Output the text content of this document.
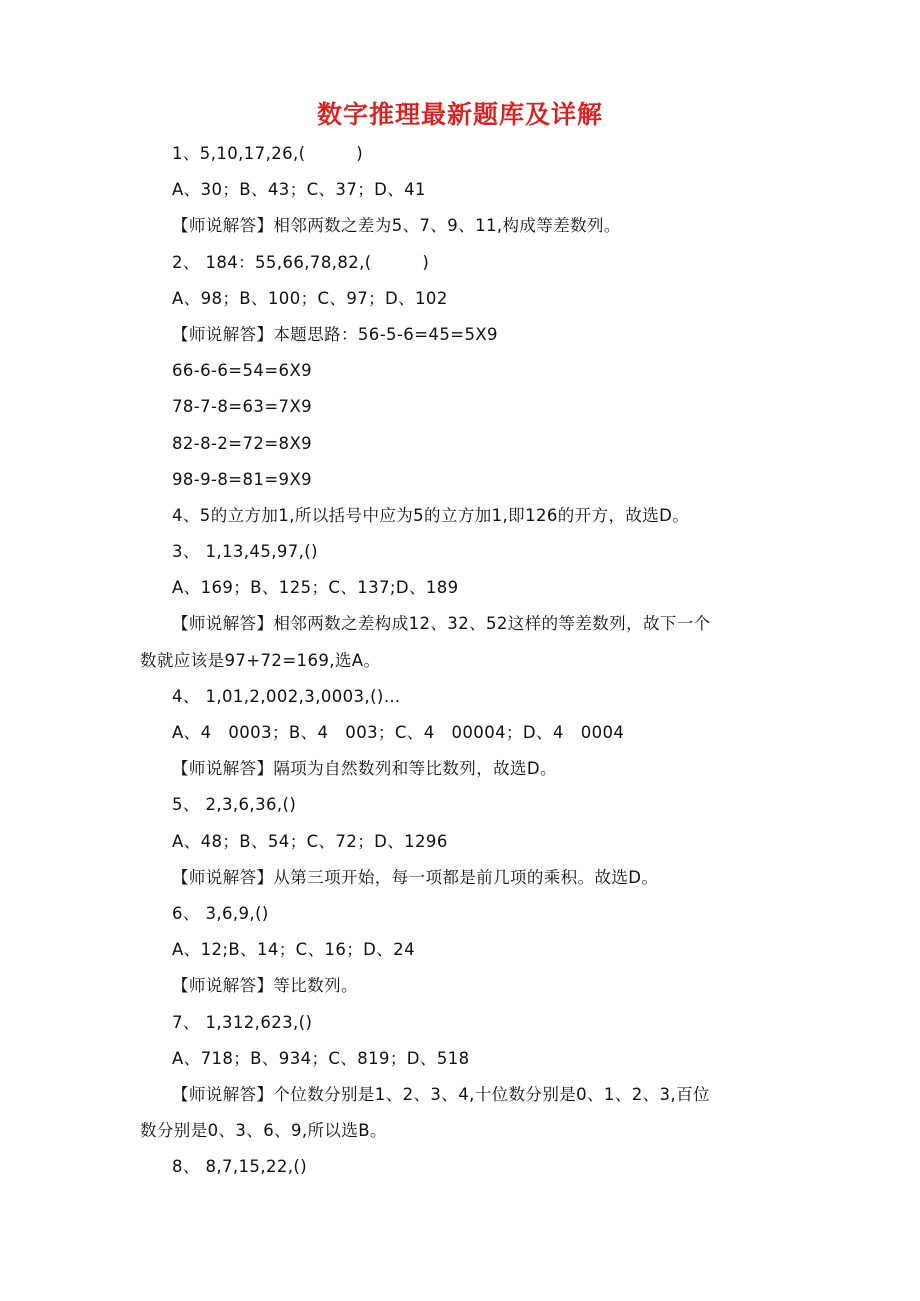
数字推理最新题库及详解
1、5,10,17,26,(　　　)
A、30；B、43；C、37；D、41
【师说解答】相邻两数之差为5、7、9、11,构成等差数列。
2、 184：55,66,78,82,(　　　)
A、98；B、100；C、97；D、102
【师说解答】本题思路：56-5-6=45=5X9
66-6-6=54=6X9
78-7-8=63=7X9
82-8-2=72=8X9
98-9-8=81=9X9
4、5的立方加1,所以括号中应为5的立方加1,即126的开方，故选D。
3、 1,13,45,97,()
A、169；B、125；C、137;D、189
【师说解答】相邻两数之差构成12、32、52这样的等差数列，故下一个
数就应该是97+72=169,选A。
4、 1,01,2,002,3,0003,()…
A、4　0003；B、4　003；C、4　00004；D、4　0004
【师说解答】隔项为自然数列和等比数列，故选D。
5、 2,3,6,36,()
A、48；B、54；C、72；D、1296
【师说解答】从第三项开始，每一项都是前几项的乘积。故选D。
6、 3,6,9,()
A、12;B、14；C、16；D、24
【师说解答】等比数列。
7、 1,312,623,()
A、718；B、934；C、819；D、518
【师说解答】个位数分别是1、2、3、4,十位数分别是0、1、2、3,百位
数分别是0、3、6、9,所以选B。
8、 8,7,15,22,()
